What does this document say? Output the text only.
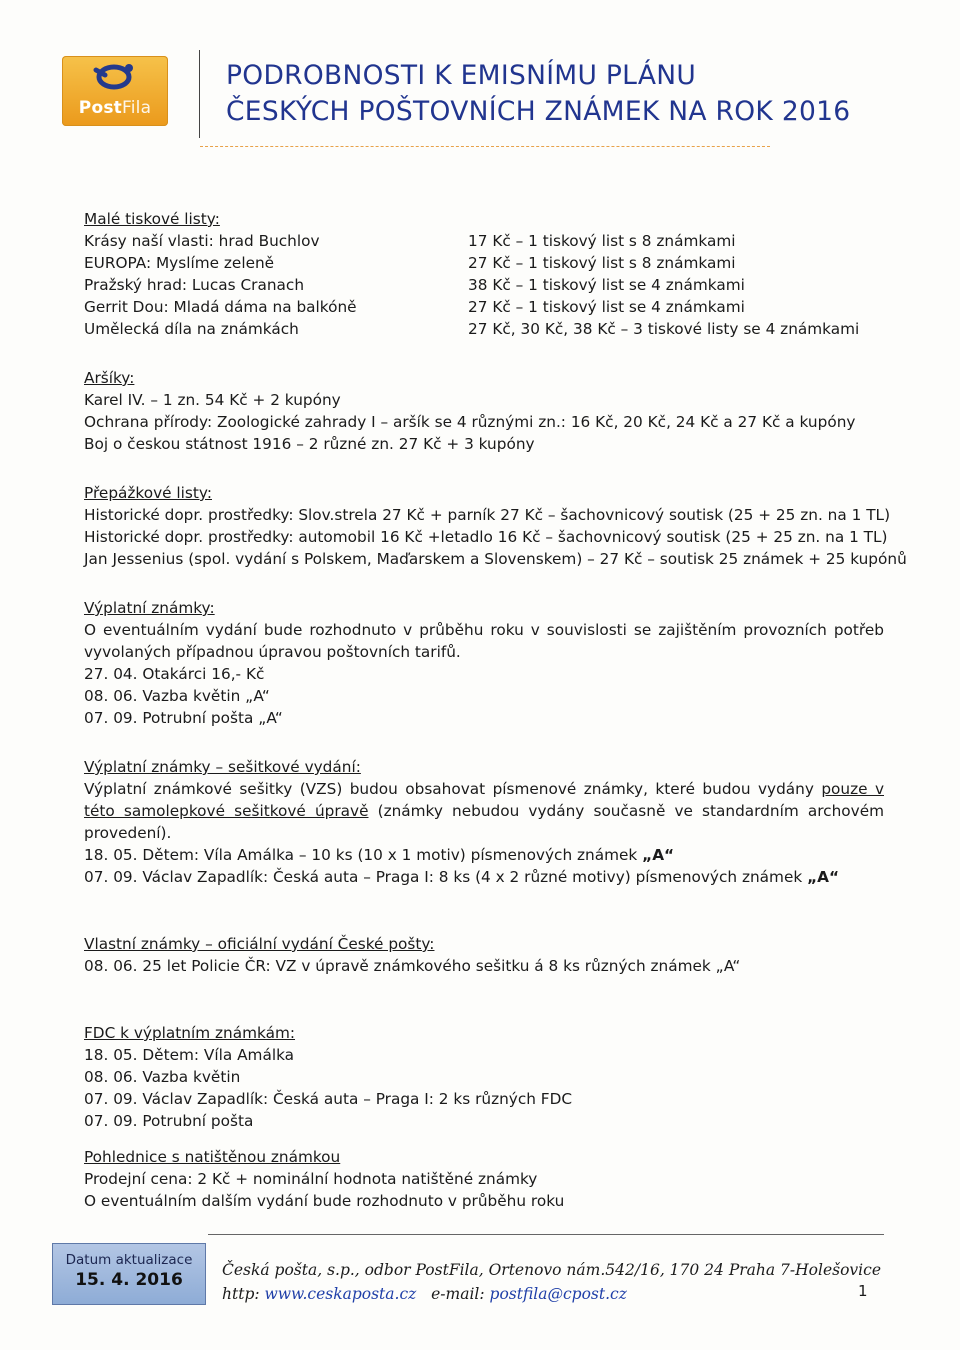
PostFila
PODROBNOSTI K EMISNÍMU PLÁNU
ČESKÝCH POŠTOVNÍCH ZNÁMEK NA ROK 2016
Malé tiskové listy:
Krásy naší vlasti: hrad Buchlov	17 Kč – 1 tiskový list s 8 známkami
EUROPA: Myslíme zeleně	27 Kč – 1 tiskový list s 8 známkami
Pražský hrad: Lucas Cranach	38 Kč – 1 tiskový list se 4 známkami
Gerrit Dou: Mladá dáma na balkóně	27 Kč – 1 tiskový list se 4 známkami
Umělecká díla na známkách	27 Kč, 30 Kč, 38 Kč – 3 tiskové listy se 4 známkami
Aršíky:
Karel IV. – 1 zn. 54 Kč + 2 kupóny
Ochrana přírody: Zoologické zahrady I – aršík se 4 různými zn.: 16 Kč, 20 Kč, 24 Kč a 27 Kč a kupóny
Boj o českou státnost 1916 – 2 různé zn. 27 Kč + 3 kupóny
Přepážkové listy:
Historické dopr. prostředky: Slov.strela 27 Kč + parník 27 Kč – šachovnicový soutisk (25 + 25 zn. na 1 TL)
Historické dopr. prostředky: automobil 16 Kč +letadlo 16 Kč – šachovnicový soutisk (25 + 25 zn. na 1 TL)
Jan Jessenius (spol. vydání s Polskem, Maďarskem a Slovenskem) – 27 Kč – soutisk 25 známek + 25 kupónů
Výplatní známky:
O eventuálním vydání bude rozhodnuto v průběhu roku v souvislosti se zajištěním provozních potřeb vyvolaných případnou úpravou poštovních tarifů.
27. 04. Otakárci 16,- Kč
08. 06. Vazba květin „A“
07. 09. Potrubní pošta „A“
Výplatní známky – sešitkové vydání:
Výplatní známkové sešitky (VZS) budou obsahovat písmenové známky, které budou vydány pouze v této samolepkové sešitkové úpravě (známky nebudou vydány současně ve standardním archovém provedení).
18. 05. Dětem: Víla Amálka – 10 ks (10 x 1 motiv) písmenových známek „A“
07. 09. Václav Zapadlík: Česká auta – Praga I: 8 ks (4 x 2 různé motivy) písmenových známek „A“
Vlastní známky – oficiální vydání České pošty:
08. 06. 25 let Policie ČR: VZ v úpravě známkového sešitku á 8 ks různých známek „A“
FDC k výplatním známkám:
18. 05. Dětem: Víla Amálka
08. 06. Vazba květin
07. 09. Václav Zapadlík: Česká auta – Praga I: 2 ks různých FDC
07. 09. Potrubní pošta
Pohlednice s natištěnou známkou
Prodejní cena: 2 Kč + nominální hodnota natištěné známky
O eventuálním dalším vydání bude rozhodnuto v průběhu roku
Datum aktualizace
15. 4. 2016	Česká pošta, s.p., odbor PostFila, Ortenovo nám.542/16, 170 24 Praha 7-Holešovice
http: www.ceskaposta.cz e-mail: postfila@cpost.cz	1
